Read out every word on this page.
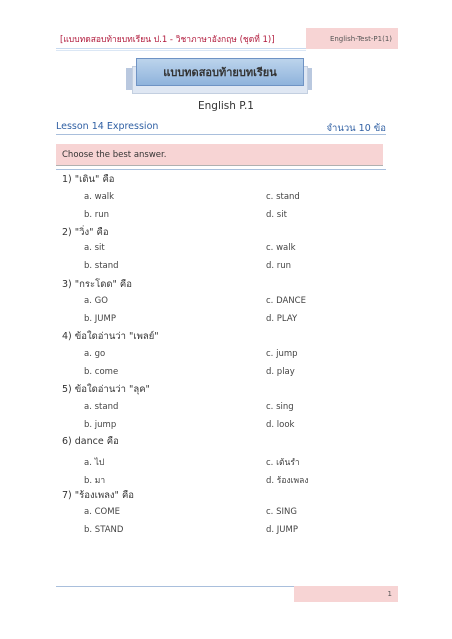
[แบบทดสอบท้ายบทเรียน ป.1 - วิชาภาษาอังกฤษ (ชุดที่ 1)]	English-Test-P1(1)
แบบทดสอบท้ายบทเรียน
English P.1
Lesson 14 Expression	จำนวน 10 ข้อ
Choose the best answer.
1) "เดิน" คือ
a. walk	c. stand
b. run	d. sit
2) "วิ่ง" คือ
a. sit	c. walk
b. stand	d. run
3) "กระโดด" คือ
a. GO	c. DANCE
b. JUMP	d. PLAY
4) ข้อใดอ่านว่า "เพลย์"
a. go	c. jump
b. come	d. play
5) ข้อใดอ่านว่า "ลุค"
a. stand	c. sing
b. jump	d. look
6) dance คือ
a. ไป	c. เต้นรำ
b. มา	d. ร้องเพลง
7) "ร้องเพลง" คือ
a. COME	c. SING
b. STAND	d. JUMP
1
